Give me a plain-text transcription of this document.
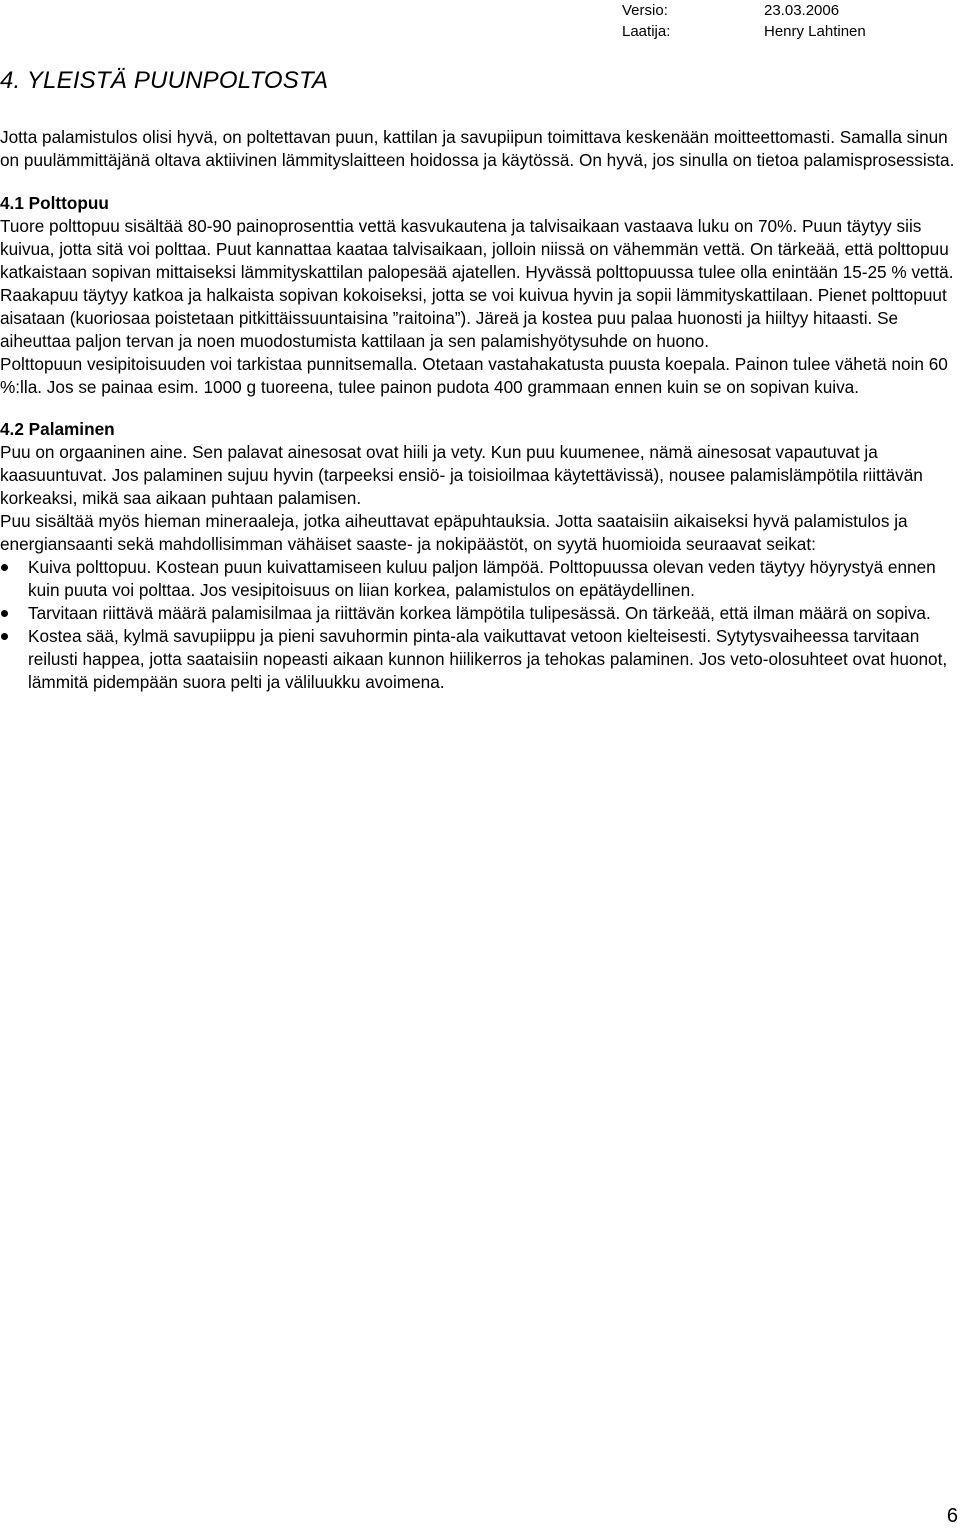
Versio:	23.03.2006
Laatija:	Henry Lahtinen
4. YLEISTÄ PUUNPOLTOSTA

Jotta palamistulos olisi hyvä, on poltettavan puun, kattilan ja savupiipun toimittava keskenään moitteettomasti. Samalla sinun on puulämmittäjänä oltava aktiivinen lämmityslaitteen hoidossa ja käytössä. On hyvä, jos sinulla on tietoa palamisprosessista.

4.1 Polttopuu

Tuore polttopuu sisältää 80-90 painoprosenttia vettä kasvukautena ja talvisaikaan vastaava luku on 70%. Puun täytyy siis kuivua, jotta sitä voi polttaa. Puut kannattaa kaataa talvisaikaan, jolloin niissä on vähemmän vettä. On tärkeää, että polttopuu katkaistaan sopivan mittaiseksi lämmityskattilan palopesää ajatellen. Hyvässä polttopuussa tulee olla enintään 15-25 % vettä. Raakapuu täytyy katkoa ja halkaista sopivan kokoiseksi, jotta se voi kuivua hyvin ja sopii lämmityskattilaan. Pienet polttopuut aisataan (kuoriosaa poistetaan pitkittäissuuntaisina ”raitoina”). Järeä ja kostea puu palaa huonosti ja hiiltyy hitaasti. Se aiheuttaa paljon tervan ja noen muodostumista kattilaan ja sen palamishyötysuhde on huono.

Polttopuun vesipitoisuuden voi tarkistaa punnitsemalla. Otetaan vastahakatusta puusta koepala. Painon tulee vähetä noin 60 %:lla. Jos se painaa esim. 1000 g tuoreena, tulee painon pudota 400 grammaan ennen kuin se on sopivan kuiva.

4.2 Palaminen

Puu on orgaaninen aine. Sen palavat ainesosat ovat hiili ja vety. Kun puu kuumenee, nämä ainesosat vapautuvat ja kaasuuntuvat. Jos palaminen sujuu hyvin (tarpeeksi ensiö- ja toisioilmaa käytettävissä), nousee palamislämpötila riittävän korkeaksi, mikä saa aikaan puhtaan palamisen.

Puu sisältää myös hieman mineraaleja, jotka aiheuttavat epäpuhtauksia. Jotta saataisiin aikaiseksi hyvä palamistulos ja energiansaanti sekä mahdollisimman vähäiset saaste- ja nokipäästöt, on syytä huomioida seuraavat seikat:

Kuiva polttopuu. Kostean puun kuivattamiseen kuluu paljon lämpöä. Polttopuussa olevan veden täytyy höyrystyä ennen kuin puuta voi polttaa. Jos vesipitoisuus on liian korkea, palamistulos on epätäydellinen.
Tarvitaan riittävä määrä palamisilmaa ja riittävän korkea lämpötila tulipesässä. On tärkeää, että ilman määrä on sopiva.
Kostea sää, kylmä savupiippu ja pieni savuhormin pinta-ala vaikuttavat vetoon kielteisesti. Sytytysvaiheessa tarvitaan reilusti happea, jotta saataisiin nopeasti aikaan kunnon hiilikerros ja tehokas palaminen. Jos veto-olosuhteet ovat huonot, lämmitä pidempään suora pelti ja väliluukku avoimena.
6
